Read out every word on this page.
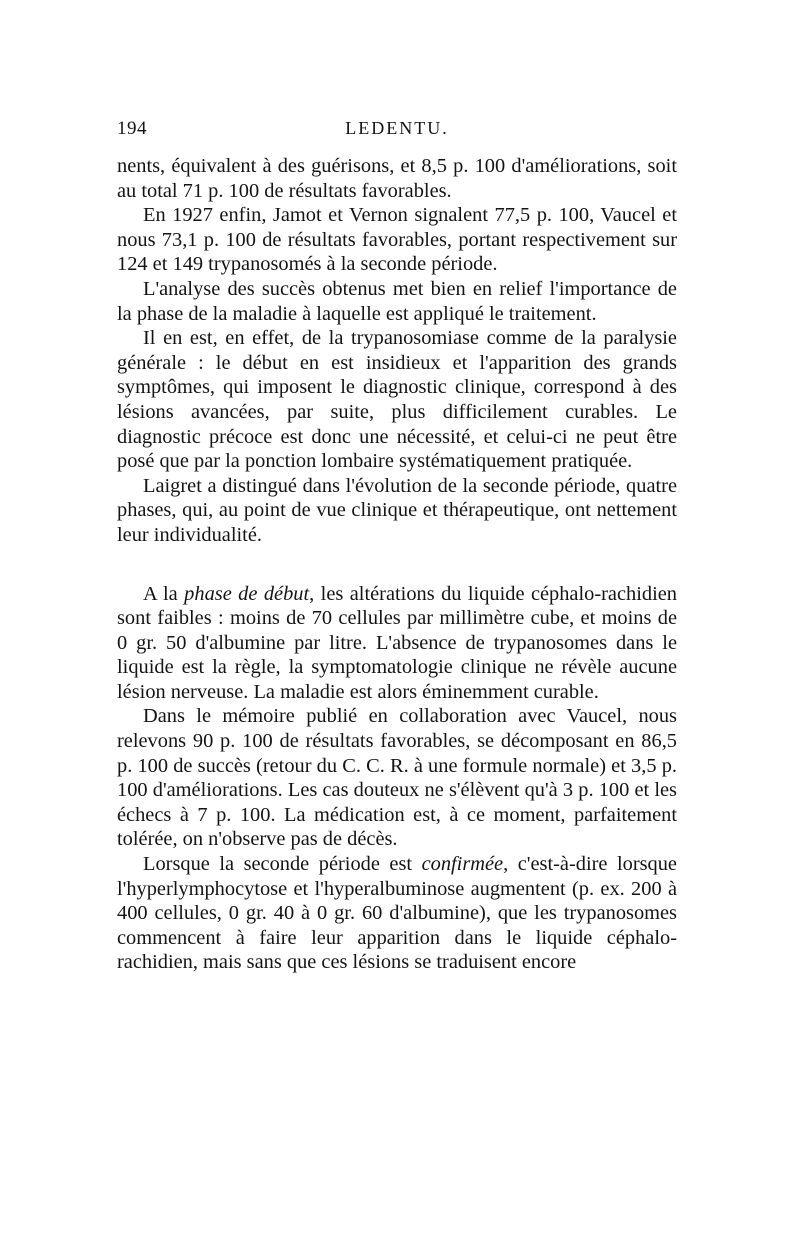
194	LEDENTU.

nents, équivalent à des guérisons, et 8,5 p. 100 d'améliorations, soit au total 71 p. 100 de résultats favorables.

En 1927 enfin, Jamot et Vernon signalent 77,5 p. 100, Vaucel et nous 73,1 p. 100 de résultats favorables, portant respectivement sur 124 et 149 trypanosomés à la seconde période.

L'analyse des succès obtenus met bien en relief l'importance de la phase de la maladie à laquelle est appliqué le traitement.

Il en est, en effet, de la trypanosomiase comme de la paralysie générale : le début en est insidieux et l'apparition des grands symptômes, qui imposent le diagnostic clinique, correspond à des lésions avancées, par suite, plus difficilement curables. Le diagnostic précoce est donc une nécessité, et celui-ci ne peut être posé que par la ponction lombaire systématiquement pratiquée.

Laigret a distingué dans l'évolution de la seconde période, quatre phases, qui, au point de vue clinique et thérapeutique, ont nettement leur individualité.

A la phase de début, les altérations du liquide céphalo-rachidien sont faibles : moins de 70 cellules par millimètre cube, et moins de 0 gr. 50 d'albumine par litre. L'absence de trypanosomes dans le liquide est la règle, la symptomatologie clinique ne révèle aucune lésion nerveuse. La maladie est alors éminemment curable.

Dans le mémoire publié en collaboration avec Vaucel, nous relevons 90 p. 100 de résultats favorables, se décomposant en 86,5 p. 100 de succès (retour du C. C. R. à une formule normale) et 3,5 p. 100 d'améliorations. Les cas douteux ne s'élèvent qu'à 3 p. 100 et les échecs à 7 p. 100. La médication est, à ce moment, parfaitement tolérée, on n'observe pas de décès.

Lorsque la seconde période est confirmée, c'est-à-dire lorsque l'hyperlymphocytose et l'hyperalbuminose augmentent (p. ex. 200 à 400 cellules, 0 gr. 40 à 0 gr. 60 d'albumine), que les trypanosomes commencent à faire leur apparition dans le liquide céphalo-rachidien, mais sans que ces lésions se traduisent encore
